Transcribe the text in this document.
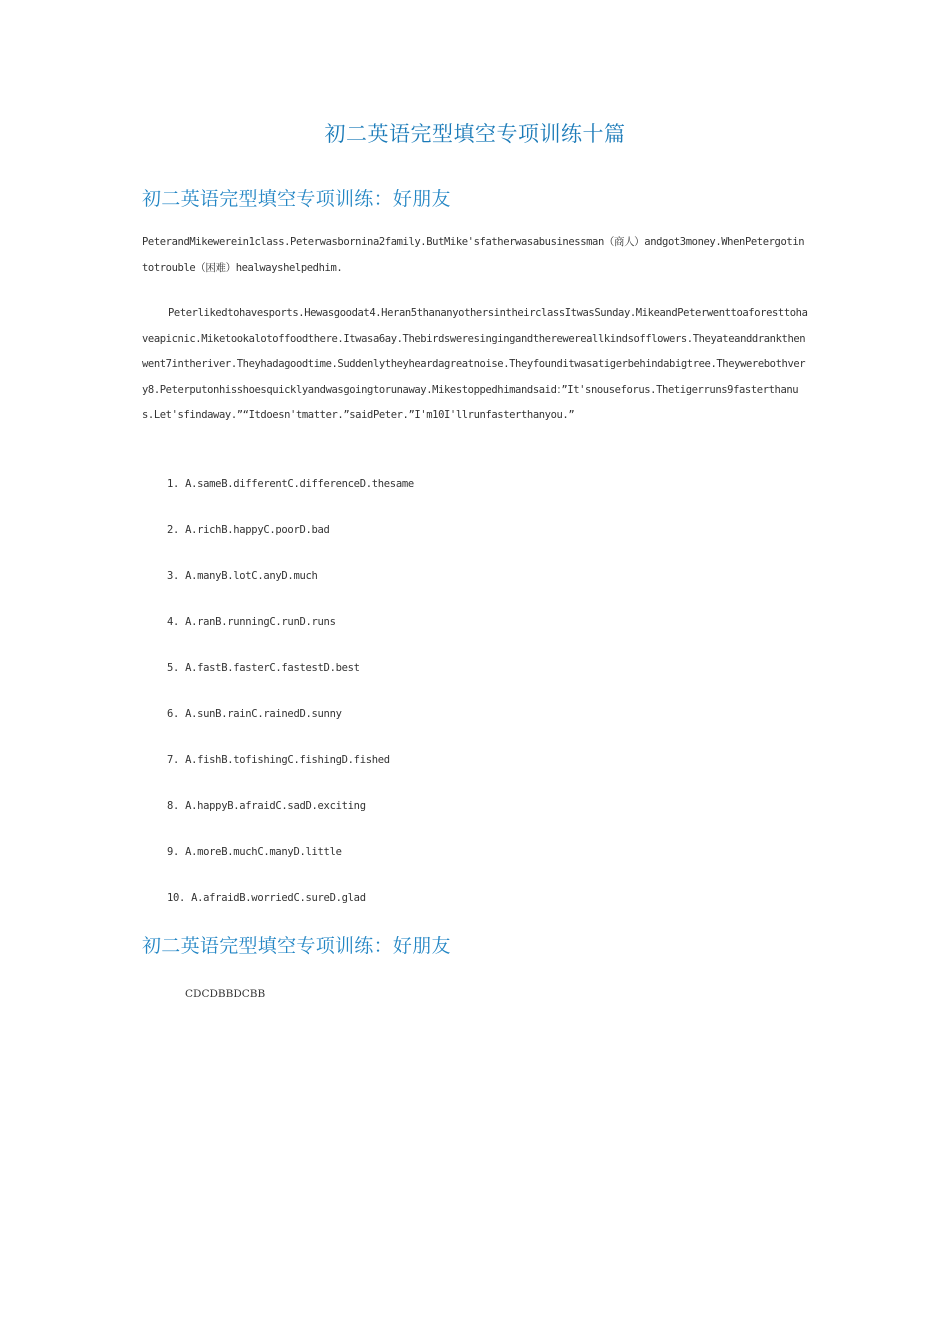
初二英语完型填空专项训练十篇
初二英语完型填空专项训练：好朋友
PeterandMikewerein1class.Peterwasbornina2family.ButMike'sfatherwasabusinessman（商人）andgot3money.WhenPetergotintotrouble（困难）healwayshelpedhim.
Peterlikedtohavesports.Hewasgoodat4.Heran5thananyothersintheirclassItwasSunday.MikeandPeterwenttoaforesttohaveapicnic.Miketookalotoffoodthere.Itwasa6ay.Thebirdsweresingingandtherewereallkindsofflowers.Theyateanddrankthenwent7intheriver.Theyhadagoodtime.Suddenlytheyheardagreatnoise.Theyfounditwasatigerbehindabigtree.Theywerebothvery8.Peterputonhisshoesquicklyandwasgoingtorunaway.Mikestoppedhimandsaid：”It'snouseforus.Thetigerruns9fasterthanus.Let'sfindaway.”“Itdoesn'tmatter.”saidPeter.”I'm10I'llrunfasterthanyou.”
1. A.sameB.differentC.differenceD.thesame
2. A.richB.happyC.poorD.bad
3. A.manyB.lotC.anyD.much
4. A.ranB.runningC.runD.runs
5. A.fastB.fasterC.fastestD.best
6. A.sunB.rainC.rainedD.sunny
7. A.fishB.tofishingC.fishingD.fished
8. A.happyB.afraidC.sadD.exciting
9. A.moreB.muchC.manyD.little
10. A.afraidB.worriedC.sureD.glad
初二英语完型填空专项训练：好朋友
CDCDBBDCBB
